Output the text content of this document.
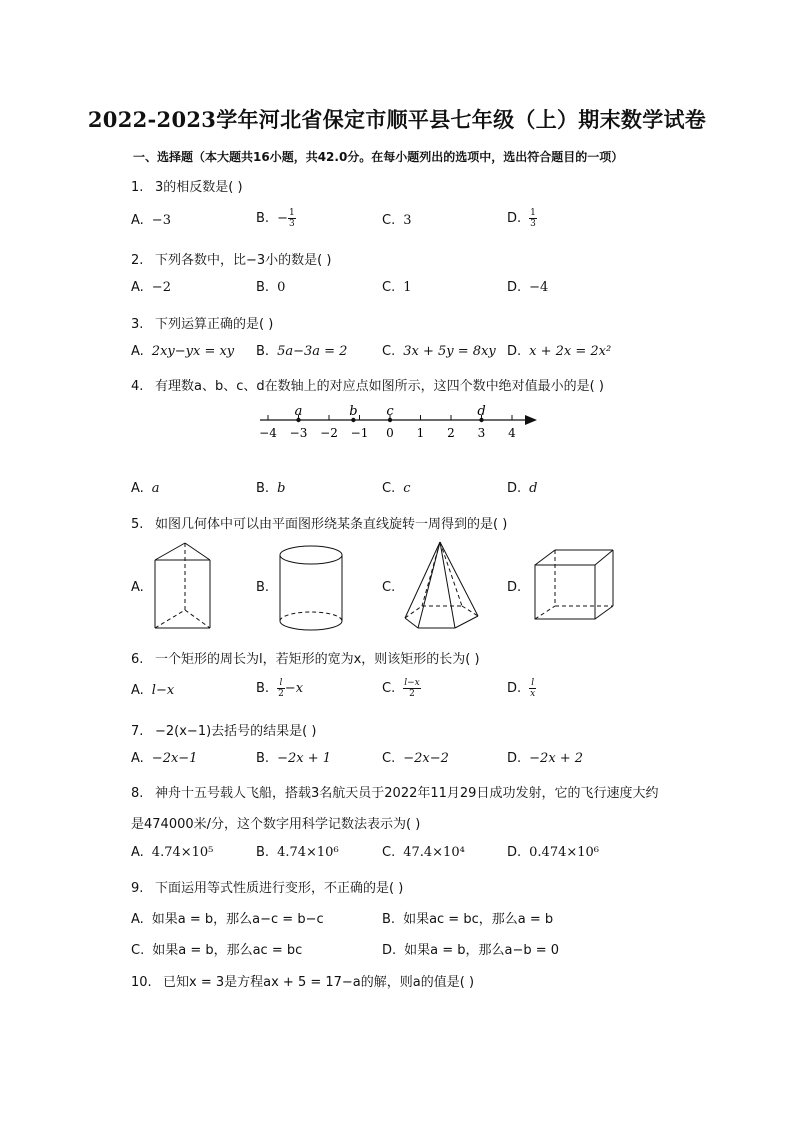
2022-2023学年河北省保定市顺平县七年级（上）期末数学试卷
一、选择题（本大题共16小题，共42.0分。在每小题列出的选项中，选出符合题目的一项）
1. 3的相反数是( )
A. −3	B. − $\frac{1}{3}$	C. 3	D. $\frac{1}{3}$
2. 下列各数中，比−3小的数是( )
A. −2	B. 0	C. 1	D. −4
3. 下列运算正确的是( )
A. 2xy−yx = xy B. 5a−3a = 2	C. 3x + 5y = 8xy D. x + 2x = 2x²
4. 有理数a、b、c、d在数轴上的对应点如图所示，这四个数中绝对值最小的是( )
−4 −3 −2 −1 0 1 2 3 4
a	b c	d
A. a	B. b	C. c	D. d
5. 如图几何体中可以由平面图形绕某条直线旋转一周得到的是( )
A.	B.	C.	D.
6. 一个矩形的周长为l，若矩形的宽为x，则该矩形的长为( )
A. l−x	B. $\frac{l}{2} -x$	C. $\frac{l-x}{2}$	D. $\frac{l}{x}$
7. −2(x−1)去括号的结果是( )
A. −2x−1	B. −2x + 1	C. −2x−2	D. −2x + 2
8. 神舟十五号载人飞船，搭载3名航天员于2022年11月29日成功发射，它的飞行速度大约
是474000米/分，这个数字用科学记数法表示为( )
A. 4.74×10⁵	B. 4.74×10⁶	C. 47.4×10⁴	D. 0.474×10⁶
9. 下面运用等式性质进行变形，不正确的是( )
A. 如果a = b，那么a−c = b−c	B. 如果ac = bc，那么a = b
C. 如果a = b，那么ac = bc	D. 如果a = b，那么a−b = 0
10. 已知x = 3是方程ax + 5 = 17−a的解，则a的值是( )
